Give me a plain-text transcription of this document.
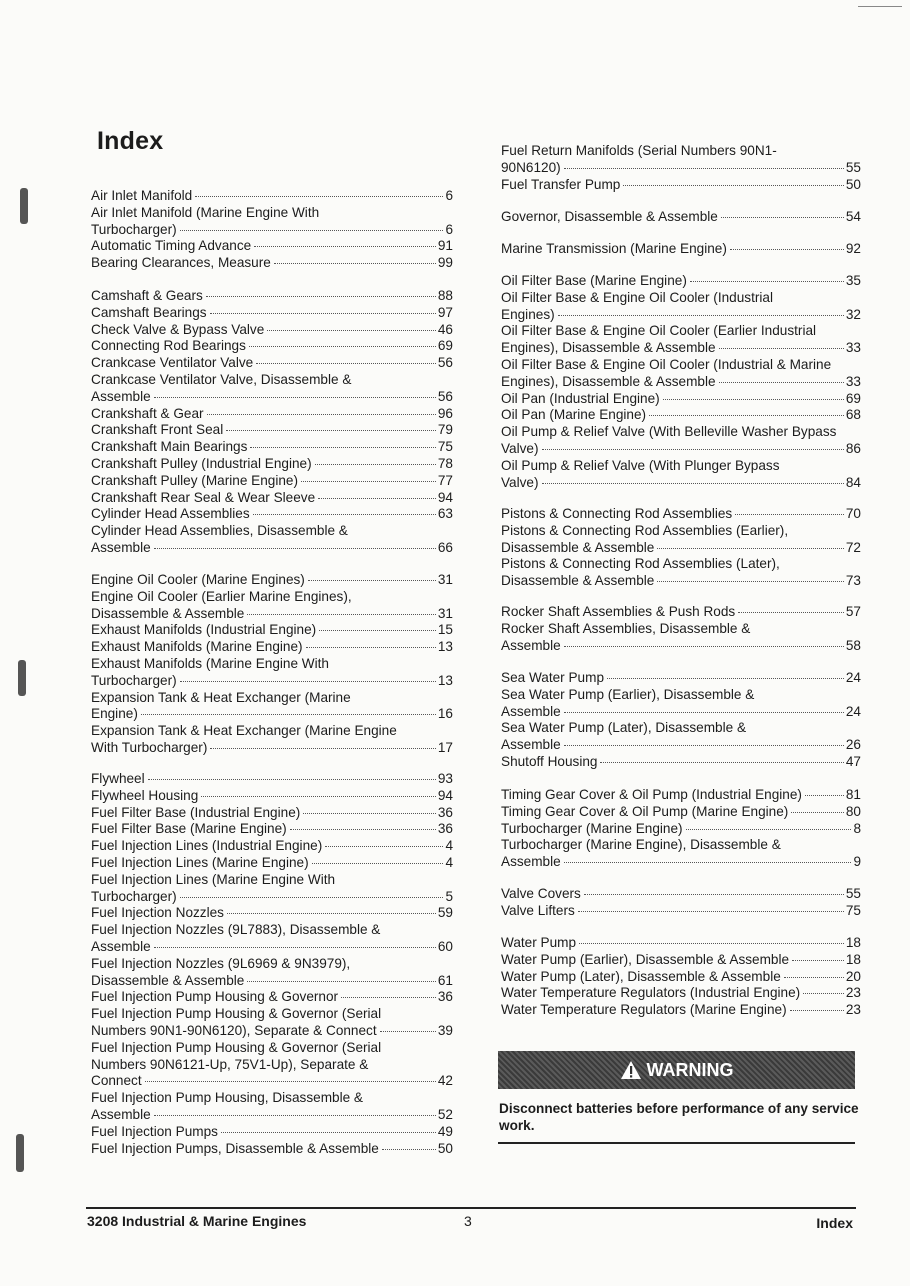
Index
Air Inlet Manifold	6
Air Inlet Manifold (Marine Engine With
Turbocharger)	6
Automatic Timing Advance	91
Bearing Clearances, Measure	99
Camshaft & Gears	88
Camshaft Bearings	97
Check Valve & Bypass Valve	46
Connecting Rod Bearings	69
Crankcase Ventilator Valve	56
Crankcase Ventilator Valve, Disassemble &
Assemble	56
Crankshaft & Gear	96
Crankshaft Front Seal	79
Crankshaft Main Bearings	75
Crankshaft Pulley (Industrial Engine)	78
Crankshaft Pulley (Marine Engine)	77
Crankshaft Rear Seal & Wear Sleeve	94
Cylinder Head Assemblies	63
Cylinder Head Assemblies, Disassemble &
Assemble	66
Engine Oil Cooler (Marine Engines)	31
Engine Oil Cooler (Earlier Marine Engines),
Disassemble & Assemble	31
Exhaust Manifolds (Industrial Engine)	15
Exhaust Manifolds (Marine Engine)	13
Exhaust Manifolds (Marine Engine With
Turbocharger)	13
Expansion Tank & Heat Exchanger (Marine
Engine)	16
Expansion Tank & Heat Exchanger (Marine Engine
With Turbocharger)	17
Flywheel	93
Flywheel Housing	94
Fuel Filter Base (Industrial Engine)	36
Fuel Filter Base (Marine Engine)	36
Fuel Injection Lines (Industrial Engine)	4
Fuel Injection Lines (Marine Engine)	4
Fuel Injection Lines (Marine Engine With
Turbocharger)	5
Fuel Injection Nozzles	59
Fuel Injection Nozzles (9L7883), Disassemble &
Assemble	60
Fuel Injection Nozzles (9L6969 & 9N3979),
Disassemble & Assemble	61
Fuel Injection Pump Housing & Governor	36
Fuel Injection Pump Housing & Governor (Serial
Numbers 90N1-90N6120), Separate & Connect	39
Fuel Injection Pump Housing & Governor (Serial
Numbers 90N6121-Up, 75V1-Up), Separate &
Connect	42
Fuel Injection Pump Housing, Disassemble &
Assemble	52
Fuel Injection Pumps	49
Fuel Injection Pumps, Disassemble & Assemble	50
Fuel Return Manifolds (Serial Numbers 90N1-
90N6120)	55
Fuel Transfer Pump	50
Governor, Disassemble & Assemble	54
Marine Transmission (Marine Engine)	92
Oil Filter Base (Marine Engine)	35
Oil Filter Base & Engine Oil Cooler (Industrial
Engines)	32
Oil Filter Base & Engine Oil Cooler (Earlier Industrial
Engines), Disassemble & Assemble	33
Oil Filter Base & Engine Oil Cooler (Industrial & Marine
Engines), Disassemble & Assemble	33
Oil Pan (Industrial Engine)	69
Oil Pan (Marine Engine)	68
Oil Pump & Relief Valve (With Belleville Washer Bypass
Valve)	86
Oil Pump & Relief Valve (With Plunger Bypass
Valve)	84
Pistons & Connecting Rod Assemblies	70
Pistons & Connecting Rod Assemblies (Earlier),
Disassemble & Assemble	72
Pistons & Connecting Rod Assemblies (Later),
Disassemble & Assemble	73
Rocker Shaft Assemblies & Push Rods	57
Rocker Shaft Assemblies, Disassemble &
Assemble	58
Sea Water Pump	24
Sea Water Pump (Earlier), Disassemble &
Assemble	24
Sea Water Pump (Later), Disassemble &
Assemble	26
Shutoff Housing	47
Timing Gear Cover & Oil Pump (Industrial Engine)	81
Timing Gear Cover & Oil Pump (Marine Engine)	80
Turbocharger (Marine Engine)	8
Turbocharger (Marine Engine), Disassemble &
Assemble	9
Valve Covers	55
Valve Lifters	75
Water Pump	18
Water Pump (Earlier), Disassemble & Assemble	18
Water Pump (Later), Disassemble & Assemble	20
Water Temperature Regulators (Industrial Engine)	23
Water Temperature Regulators (Marine Engine)	23
WARNING
Disconnect batteries before performance of any service work.
3208 Industrial & Marine Engines	3	Index
